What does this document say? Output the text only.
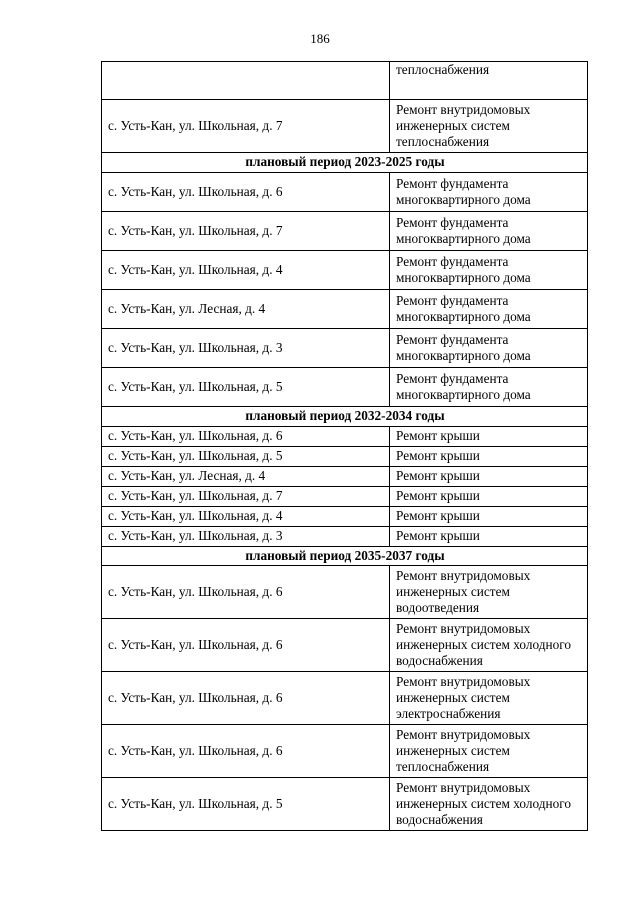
186
	теплоснабжения
с. Усть-Кан, ул. Школьная, д. 7	Ремонт внутридомовых инженерных систем теплоснабжения
плановый период 2023-2025 годы	
с. Усть-Кан, ул. Школьная, д. 6	Ремонт фундамента многоквартирного дома
с. Усть-Кан, ул. Школьная, д. 7	Ремонт фундамента многоквартирного дома
с. Усть-Кан, ул. Школьная, д. 4	Ремонт фундамента многоквартирного дома
с. Усть-Кан, ул. Лесная, д. 4	Ремонт фундамента многоквартирного дома
с. Усть-Кан, ул. Школьная, д. 3	Ремонт фундамента многоквартирного дома
с. Усть-Кан, ул. Школьная, д. 5	Ремонт фундамента многоквартирного дома
плановый период 2032-2034 годы	
с. Усть-Кан, ул. Школьная, д. 6	Ремонт крыши
с. Усть-Кан, ул. Школьная, д. 5	Ремонт крыши
с. Усть-Кан, ул. Лесная, д. 4	Ремонт крыши
с. Усть-Кан, ул. Школьная, д. 7	Ремонт крыши
с. Усть-Кан, ул. Школьная, д. 4	Ремонт крыши
с. Усть-Кан, ул. Школьная, д. 3	Ремонт крыши
плановый период 2035-2037 годы	
с. Усть-Кан, ул. Школьная, д. 6	Ремонт внутридомовых инженерных систем водоотведения
с. Усть-Кан, ул. Школьная, д. 6	Ремонт внутридомовых инженерных систем холодного водоснабжения
с. Усть-Кан, ул. Школьная, д. 6	Ремонт внутридомовых инженерных систем электроснабжения
с. Усть-Кан, ул. Школьная, д. 6	Ремонт внутридомовых инженерных систем теплоснабжения
с. Усть-Кан, ул. Школьная, д. 5	Ремонт внутридомовых инженерных систем холодного водоснабжения
